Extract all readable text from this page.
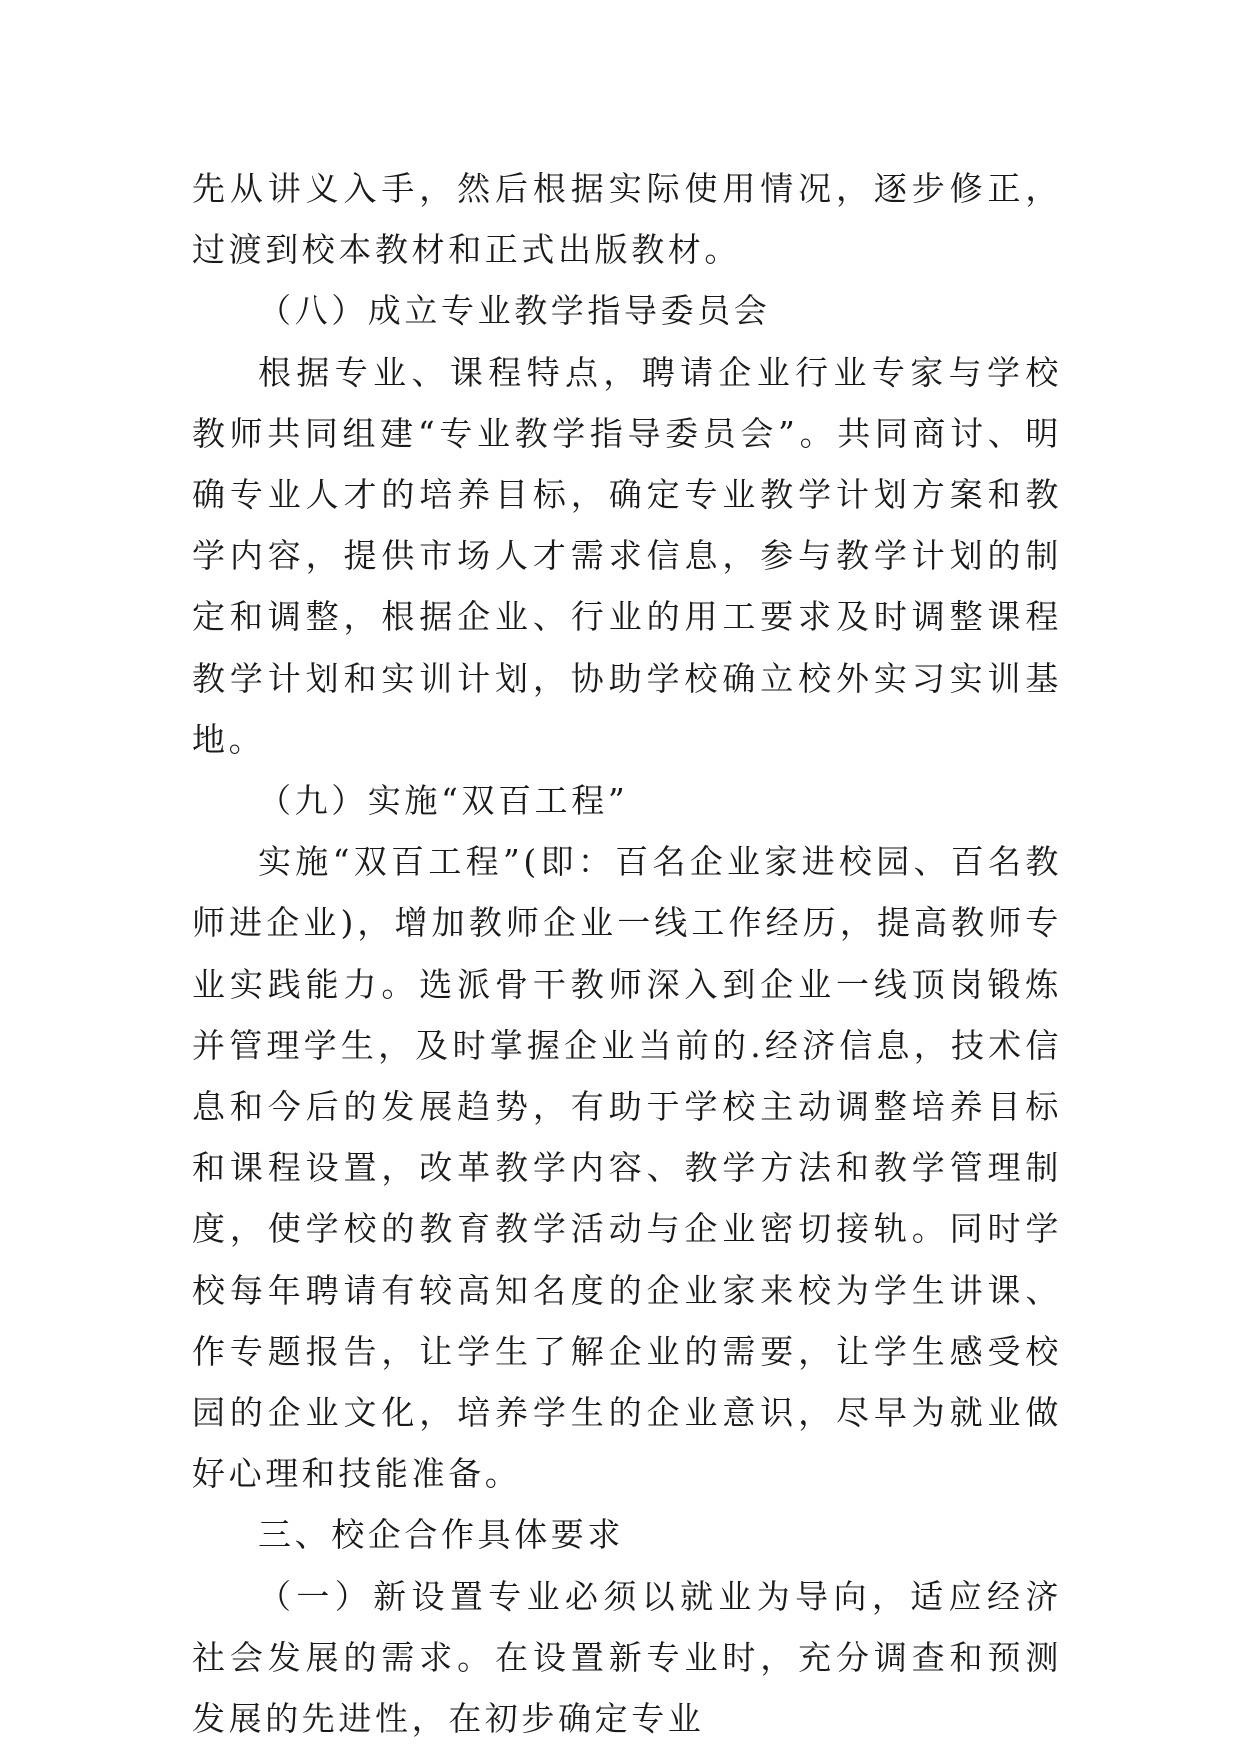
先从讲义入手，然后根据实际使用情况，逐步修正，过渡到校本教材和正式出版教材。

（八）成立专业教学指导委员会

根据专业、课程特点，聘请企业行业专家与学校教师共同组建“专业教学指导委员会”。共同商讨、明确专业人才的培养目标，确定专业教学计划方案和教学内容，提供市场人才需求信息，参与教学计划的制定和调整，根据企业、行业的用工要求及时调整课程教学计划和实训计划，协助学校确立校外实习实训基地。

（九）实施“双百工程”

实施“双百工程”(即：百名企业家进校园、百名教师进企业)，增加教师企业一线工作经历，提高教师专业实践能力。选派骨干教师深入到企业一线顶岗锻炼并管理学生，及时掌握企业当前的.经济信息，技术信息和今后的发展趋势，有助于学校主动调整培养目标和课程设置，改革教学内容、教学方法和教学管理制度，使学校的教育教学活动与企业密切接轨。同时学校每年聘请有较高知名度的企业家来校为学生讲课、作专题报告，让学生了解企业的需要，让学生感受校园的企业文化，培养学生的企业意识，尽早为就业做好心理和技能准备。

三、校企合作具体要求

（一）新设置专业必须以就业为导向，适应经济社会发展的需求。在设置新专业时，充分调查和预测发展的先进性，在初步确定专业
